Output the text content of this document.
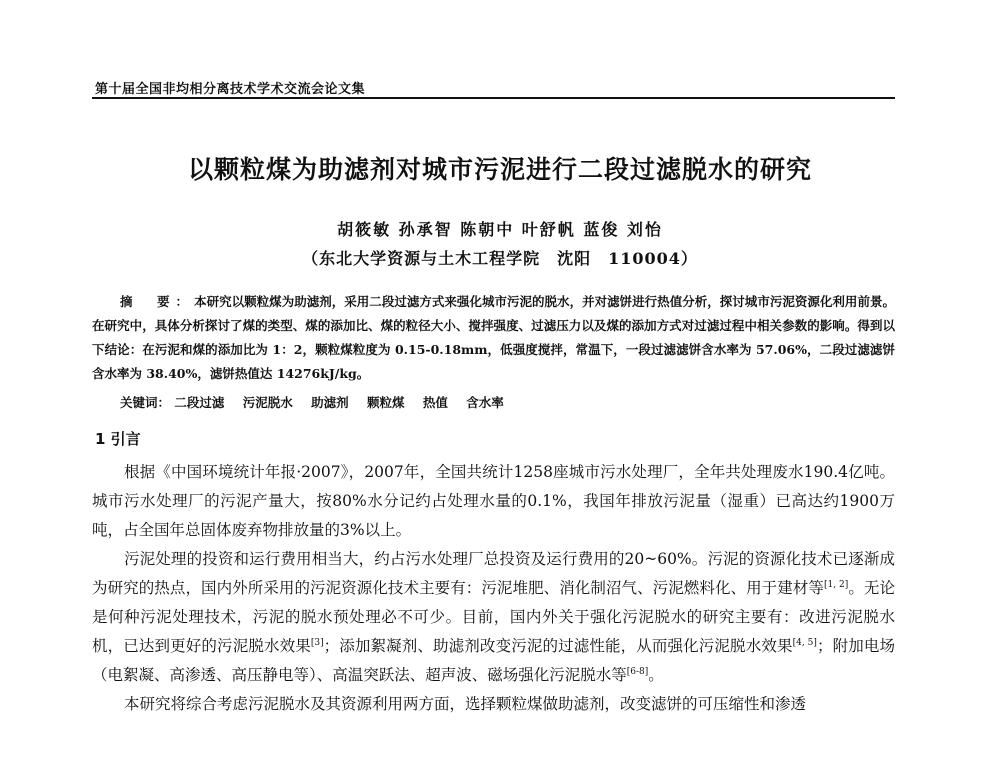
第十届全国非均相分离技术学术交流会论文集
以颗粒煤为助滤剂对城市污泥进行二段过滤脱水的研究
胡筱敏 孙承智 陈朝中 叶舒帆 蓝俊 刘怡
（东北大学资源与土木工程学院　沈阳　110004）
摘　要：本研究以颗粒煤为助滤剂，采用二段过滤方式来强化城市污泥的脱水，并对滤饼进行热值分析，探讨城市污泥资源化利用前景。在研究中，具体分析探讨了煤的类型、煤的添加比、煤的粒径大小、搅拌强度、过滤压力以及煤的添加方式对过滤过程中相关参数的影响。得到以下结论：在污泥和煤的添加比为 1：2，颗粒煤粒度为 0.15-0.18mm，低强度搅拌，常温下，一段过滤滤饼含水率为 57.06%，二段过滤滤饼含水率为 38.40%，滤饼热值达 14276kJ/kg。
关键词： 二段过滤 污泥脱水 助滤剂 颗粒煤 热值 含水率
1 引言

根据《中国环境统计年报·2007》，2007年，全国共统计1258座城市污水处理厂，全年共处理废水190.4亿吨。城市污水处理厂的污泥产量大，按80%水分记约占处理水量的0.1%，我国年排放污泥量（湿重）已高达约1900万吨，占全国年总固体废弃物排放量的3%以上。

污泥处理的投资和运行费用相当大，约占污水处理厂总投资及运行费用的20~60%。污泥的资源化技术已逐渐成为研究的热点，国内外所采用的污泥资源化技术主要有：污泥堆肥、消化制沼气、污泥燃料化、用于建材等[1, 2]。无论是何种污泥处理技术，污泥的脱水预处理必不可少。目前，国内外关于强化污泥脱水的研究主要有：改进污泥脱水机，已达到更好的污泥脱水效果[3]；添加絮凝剂、助滤剂改变污泥的过滤性能，从而强化污泥脱水效果[4, 5]；附加电场（电絮凝、高渗透、高压静电等）、高温突跃法、超声波、磁场强化污泥脱水等[6-8]。

本研究将综合考虑污泥脱水及其资源利用两方面，选择颗粒煤做助滤剂，改变滤饼的可压缩性和渗透
